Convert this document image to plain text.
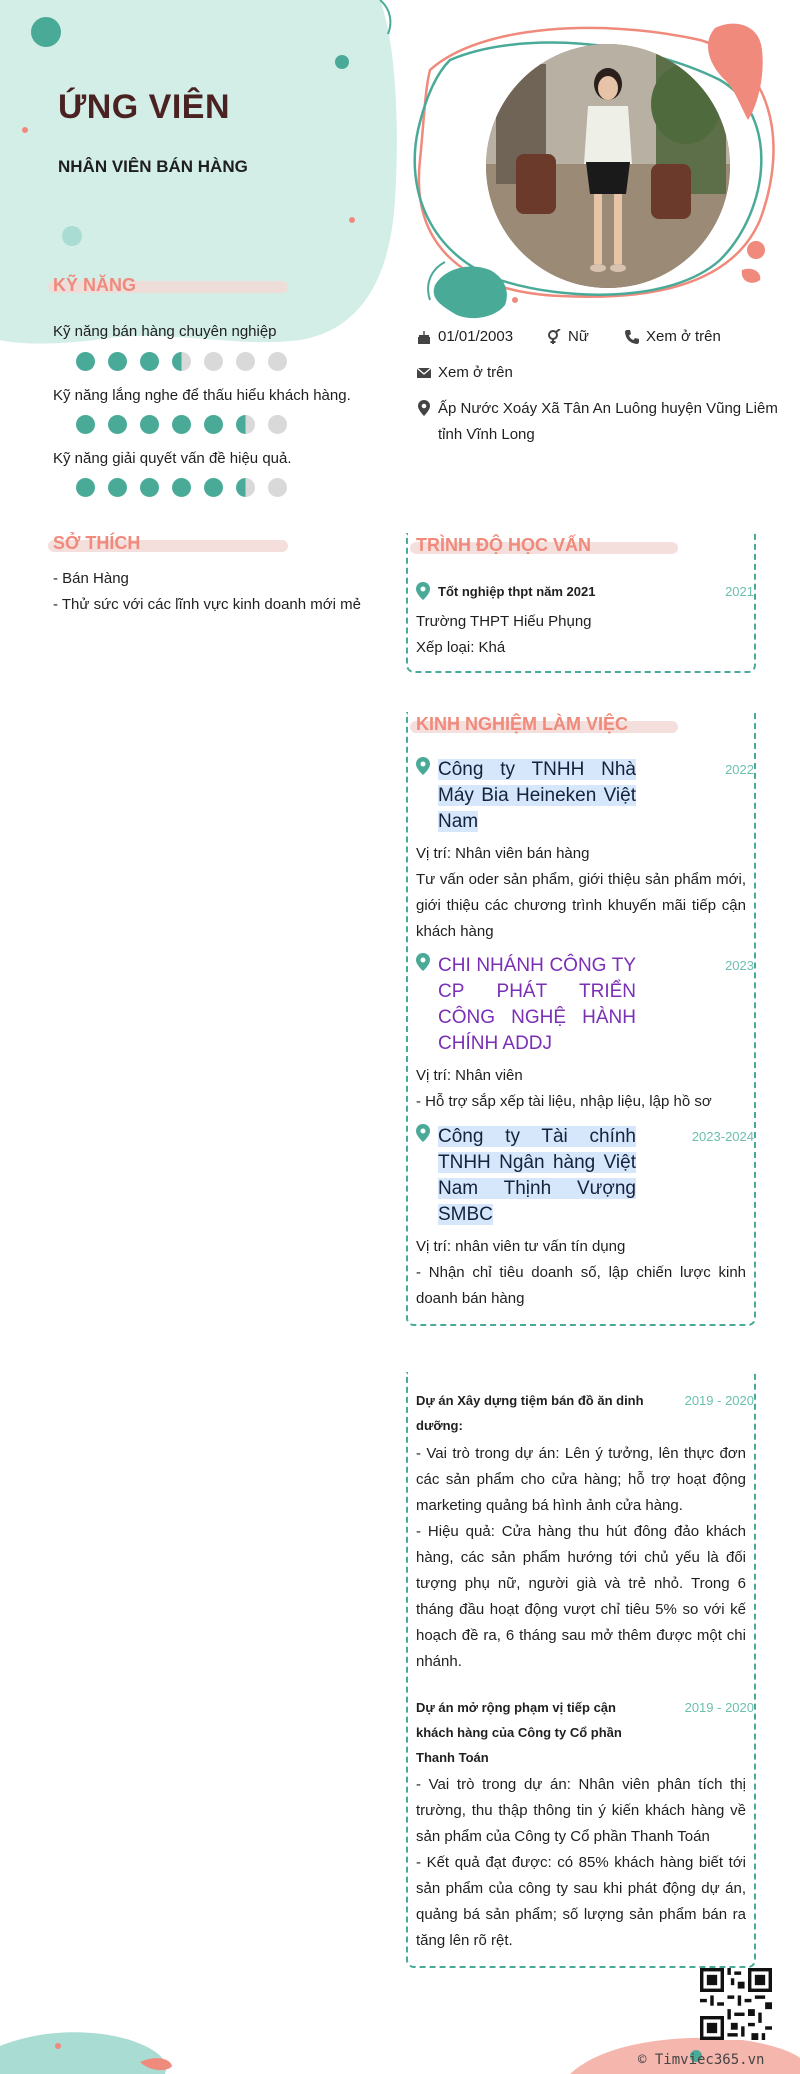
ỨNG VIÊN
NHÂN VIÊN BÁN HÀNG
KỸ NĂNG
Kỹ năng bán hàng chuyên nghiệp
Kỹ năng lắng nghe để thấu hiểu khách hàng.
Kỹ năng giải quyết vấn đề hiệu quả.
SỞ THÍCH
- Bán Hàng
- Thử sức với các lĩnh vực kinh doanh mới mẻ
01/01/2003	Nữ	Xem ở trên
Xem ở trên
Ấp Nước Xoáy Xã Tân An Luông huyện Vũng Liêm tỉnh Vĩnh Long
TRÌNH ĐỘ HỌC VẤN
Tốt nghiệp thpt năm 2021	2021
Trường THPT Hiếu Phụng
Xếp loại: Khá
KINH NGHIỆM LÀM VIỆC
Công ty TNHH Nhà Máy Bia Heineken Việt Nam
2022
Vị trí: Nhân viên bán hàng
Tư vấn oder sản phẩm, giới thiệu sản phẩm mới, giới thiệu các chương trình khuyến mãi tiếp cận khách hàng
CHI NHÁNH CÔNG TY CP PHÁT TRIỂN CÔNG NGHỆ HÀNH CHÍNH ADDJ
2023
Vị trí: Nhân viên
- Hỗ trợ sắp xếp tài liệu, nhập liệu, lập hồ sơ
Công ty Tài chính TNHH Ngân hàng Việt Nam Thịnh Vượng SMBC
2023-2024
Vị trí: nhân viên tư vấn tín dụng
- Nhận chỉ tiêu doanh số, lập chiến lược kinh doanh bán hàng
Dự án Xây dựng tiệm bán đồ ăn dinh dưỡng:
2019 - 2020
- Vai trò trong dự án: Lên ý tưởng, lên thực đơn các sản phẩm cho cửa hàng; hỗ trợ hoạt động marketing quảng bá hình ảnh cửa hàng.
- Hiệu quả: Cửa hàng thu hút đông đảo khách hàng, các sản phẩm hướng tới chủ yếu là đối tượng phụ nữ, người già và trẻ nhỏ. Trong 6 tháng đầu hoạt động vượt chỉ tiêu 5% so với kế hoạch đề ra, 6 tháng sau mở thêm được một chi nhánh.
Dự án mở rộng phạm vị tiếp cận khách hàng của Công ty Cổ phần Thanh Toán
2019 - 2020
- Vai trò trong dự án: Nhân viên phân tích thị trường, thu thập thông tin ý kiến khách hàng về sản phẩm của Công ty Cổ phần Thanh Toán
- Kết quả đạt được: có 85% khách hàng biết tới sản phẩm của công ty sau khi phát động dự án, quảng bá sản phẩm; số lượng sản phẩm bán ra tăng lên rõ rệt.
© Timviec365.vn
